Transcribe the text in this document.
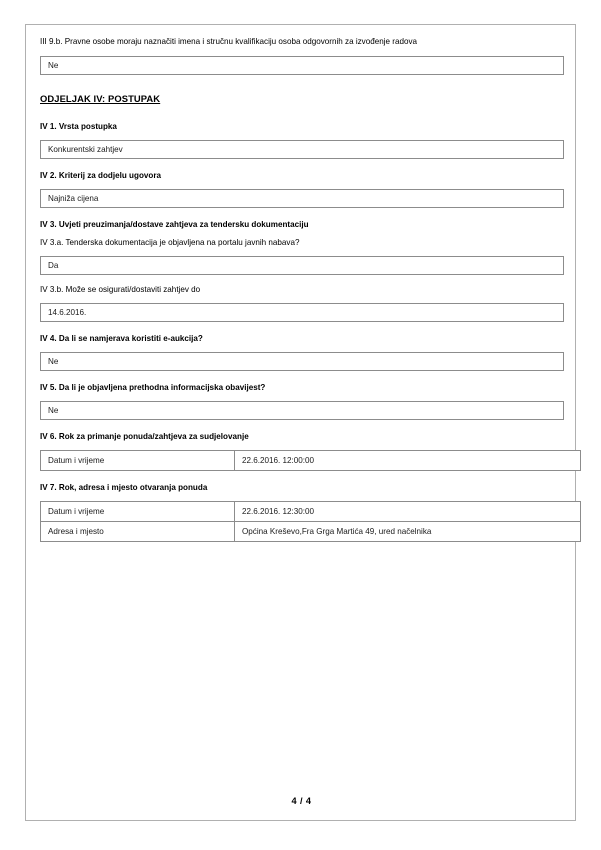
III 9.b. Pravne osobe moraju naznačiti imena i stručnu kvalifikaciju osoba odgovornih za izvođenje radova
Ne
ODJELJAK IV: POSTUPAK
IV 1. Vrsta postupka
Konkurentski zahtjev
IV 2. Kriterij za dodjelu ugovora
Najniža cijena
IV 3. Uvjeti preuzimanja/dostave zahtjeva za tendersku dokumentaciju
IV 3.a. Tenderska dokumentacija je objavljena na portalu javnih nabava?
Da
IV 3.b. Može se osigurati/dostaviti zahtjev do
14.6.2016.
IV 4. Da li se namjerava koristiti e-aukcija?
Ne
IV 5. Da li je objavljena prethodna informacijska obavijest?
Ne
IV 6. Rok za primanje ponuda/zahtjeva za sudjelovanje
Datum i vrijeme	22.6.2016. 12:00:00
IV 7. Rok, adresa i mjesto otvaranja ponuda
Datum i vrijeme	22.6.2016. 12:30:00
Adresa i mjesto	Općina Kreševo,Fra Grga Martića 49, ured načelnika
4 / 4
